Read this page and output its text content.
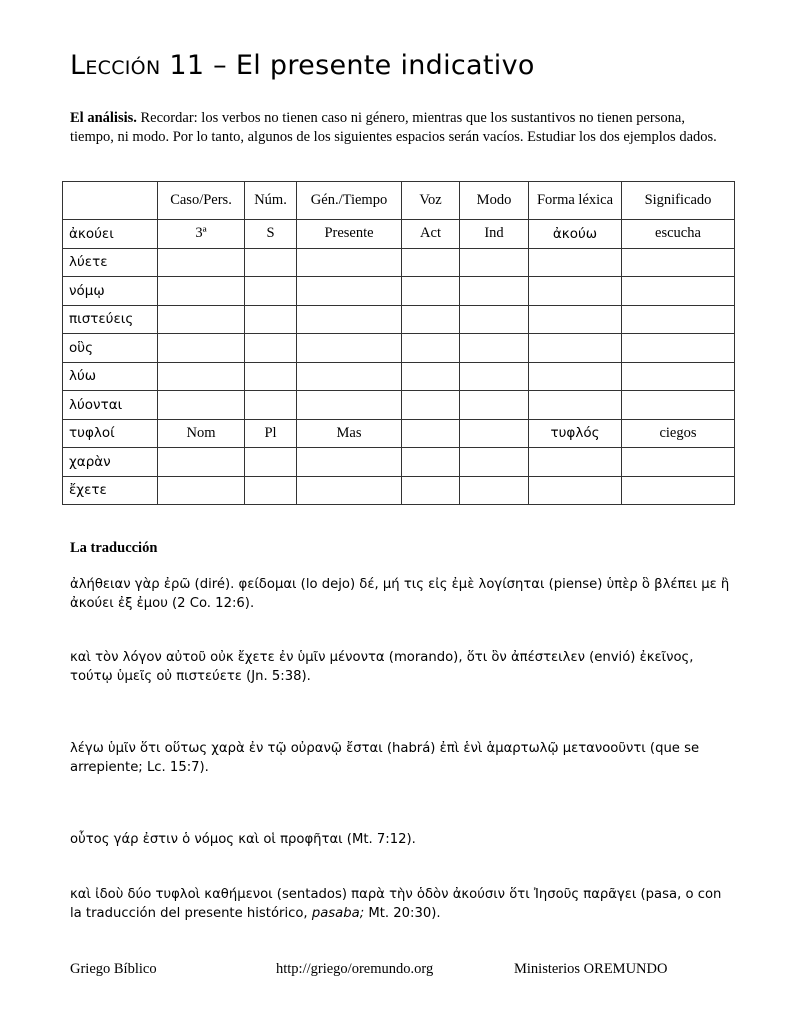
Lección 11 – El presente indicativo
El análisis. Recordar: los verbos no tienen caso ni género, mientras que los sustantivos no tienen persona, tiempo, ni modo. Por lo tanto, algunos de los siguientes espacios serán vacíos. Estudiar los dos ejemplos dados.
	Caso/Pers.	Núm.	Gén./Tiempo	Voz	Modo	Forma léxica	Significado
ἀκούει	3ª	S	Presente	Act	Ind	ἀκούω	escucha
λύετε							
νόμῳ							
πιστεύεις							
οὓς							
λύω							
λύονται							
τυφλοί	Nom	Pl	Mas			τυφλός	ciegos
χαρὰν							
ἔχετε							
La traducción
ἀλήθειαν γὰρ ἐρῶ (diré). φείδομαι (lo dejo) δέ, μή τις εἰς ἐμὲ λογίσηται (piense) ὑπὲρ ὃ βλέπει με ἢ ἀκούει ἐξ ἐμου (2 Co. 12:6).
καὶ τὸν λόγον αὐτοῦ οὐκ ἔχετε ἐν ὑμῖν μένοντα (morando), ὅτι ὃν ἀπέστειλεν (envió) ἐκεῖνος, τούτῳ ὑμεῖς οὐ πιστεύετε (Jn. 5:38).
λέγω ὑμῖν ὅτι οὕτως χαρὰ ἐν τῷ οὐρανῷ ἔσται (habrá) ἐπὶ ἑνὶ ἁμαρτωλῷ μετανοοῦντι (que se arrepiente; Lc. 15:7).
οὗτος γάρ ἐστιν ὁ νόμος καὶ οἱ προφῆται (Mt. 7:12).
καὶ ἰδοὺ δύο τυφλοὶ καθήμενοι (sentados) παρὰ τὴν ὁδὸν ἀκούσιν ὅτι Ἰησοῦς παρᾶγει (pasa, o con la traducción del presente histórico, pasaba; Mt. 20:30).
Griego Bíblico	http://griego/oremundo.org	Ministerios OREMUNDO
